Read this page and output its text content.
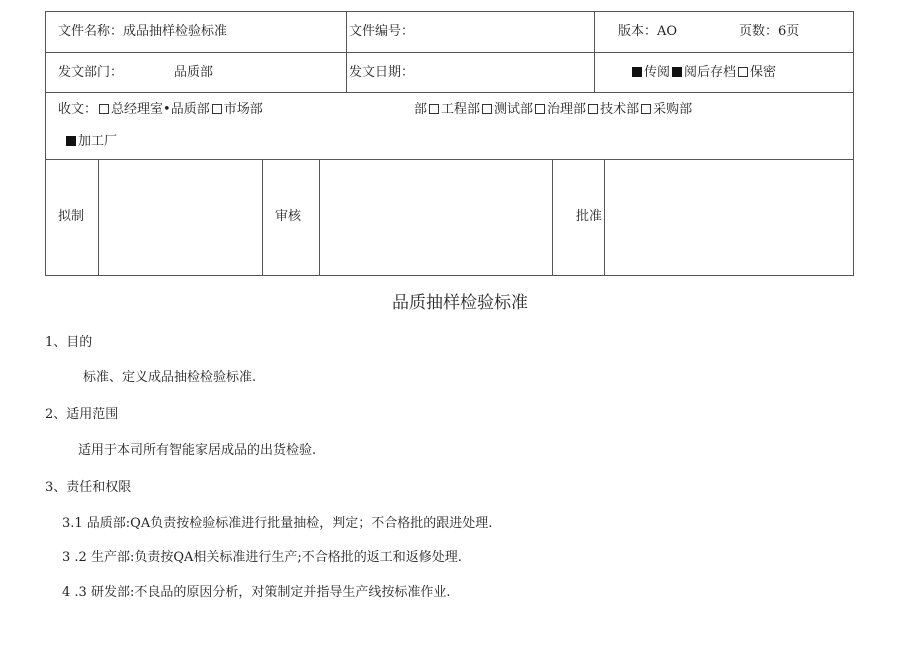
文件名称：成品抽样检验标准	文件编号：	版本：AO	页数：6页
发文部门：	品质部	发文日期：	传阅 阅后存档 保密
收文： 总经理室•品质部 市场部	部 工程部 测试部 治理部 技术部 采购部
加工厂
拟制	审核	批准
品质抽样检验标准
1、目的
标准、定义成品抽检检验标准.
2、适用范围
适用于本司所有智能家居成品的出货检验.
3、责任和权限
3.1 品质部:QA负责按检验标准进行批量抽检，判定；不合格批的跟进处理.
3 .2 生产部:负责按QA相关标准进行生产;不合格批的返工和返修处理.
4 .3 研发部:不良品的原因分析，对策制定并指导生产线按标准作业.
